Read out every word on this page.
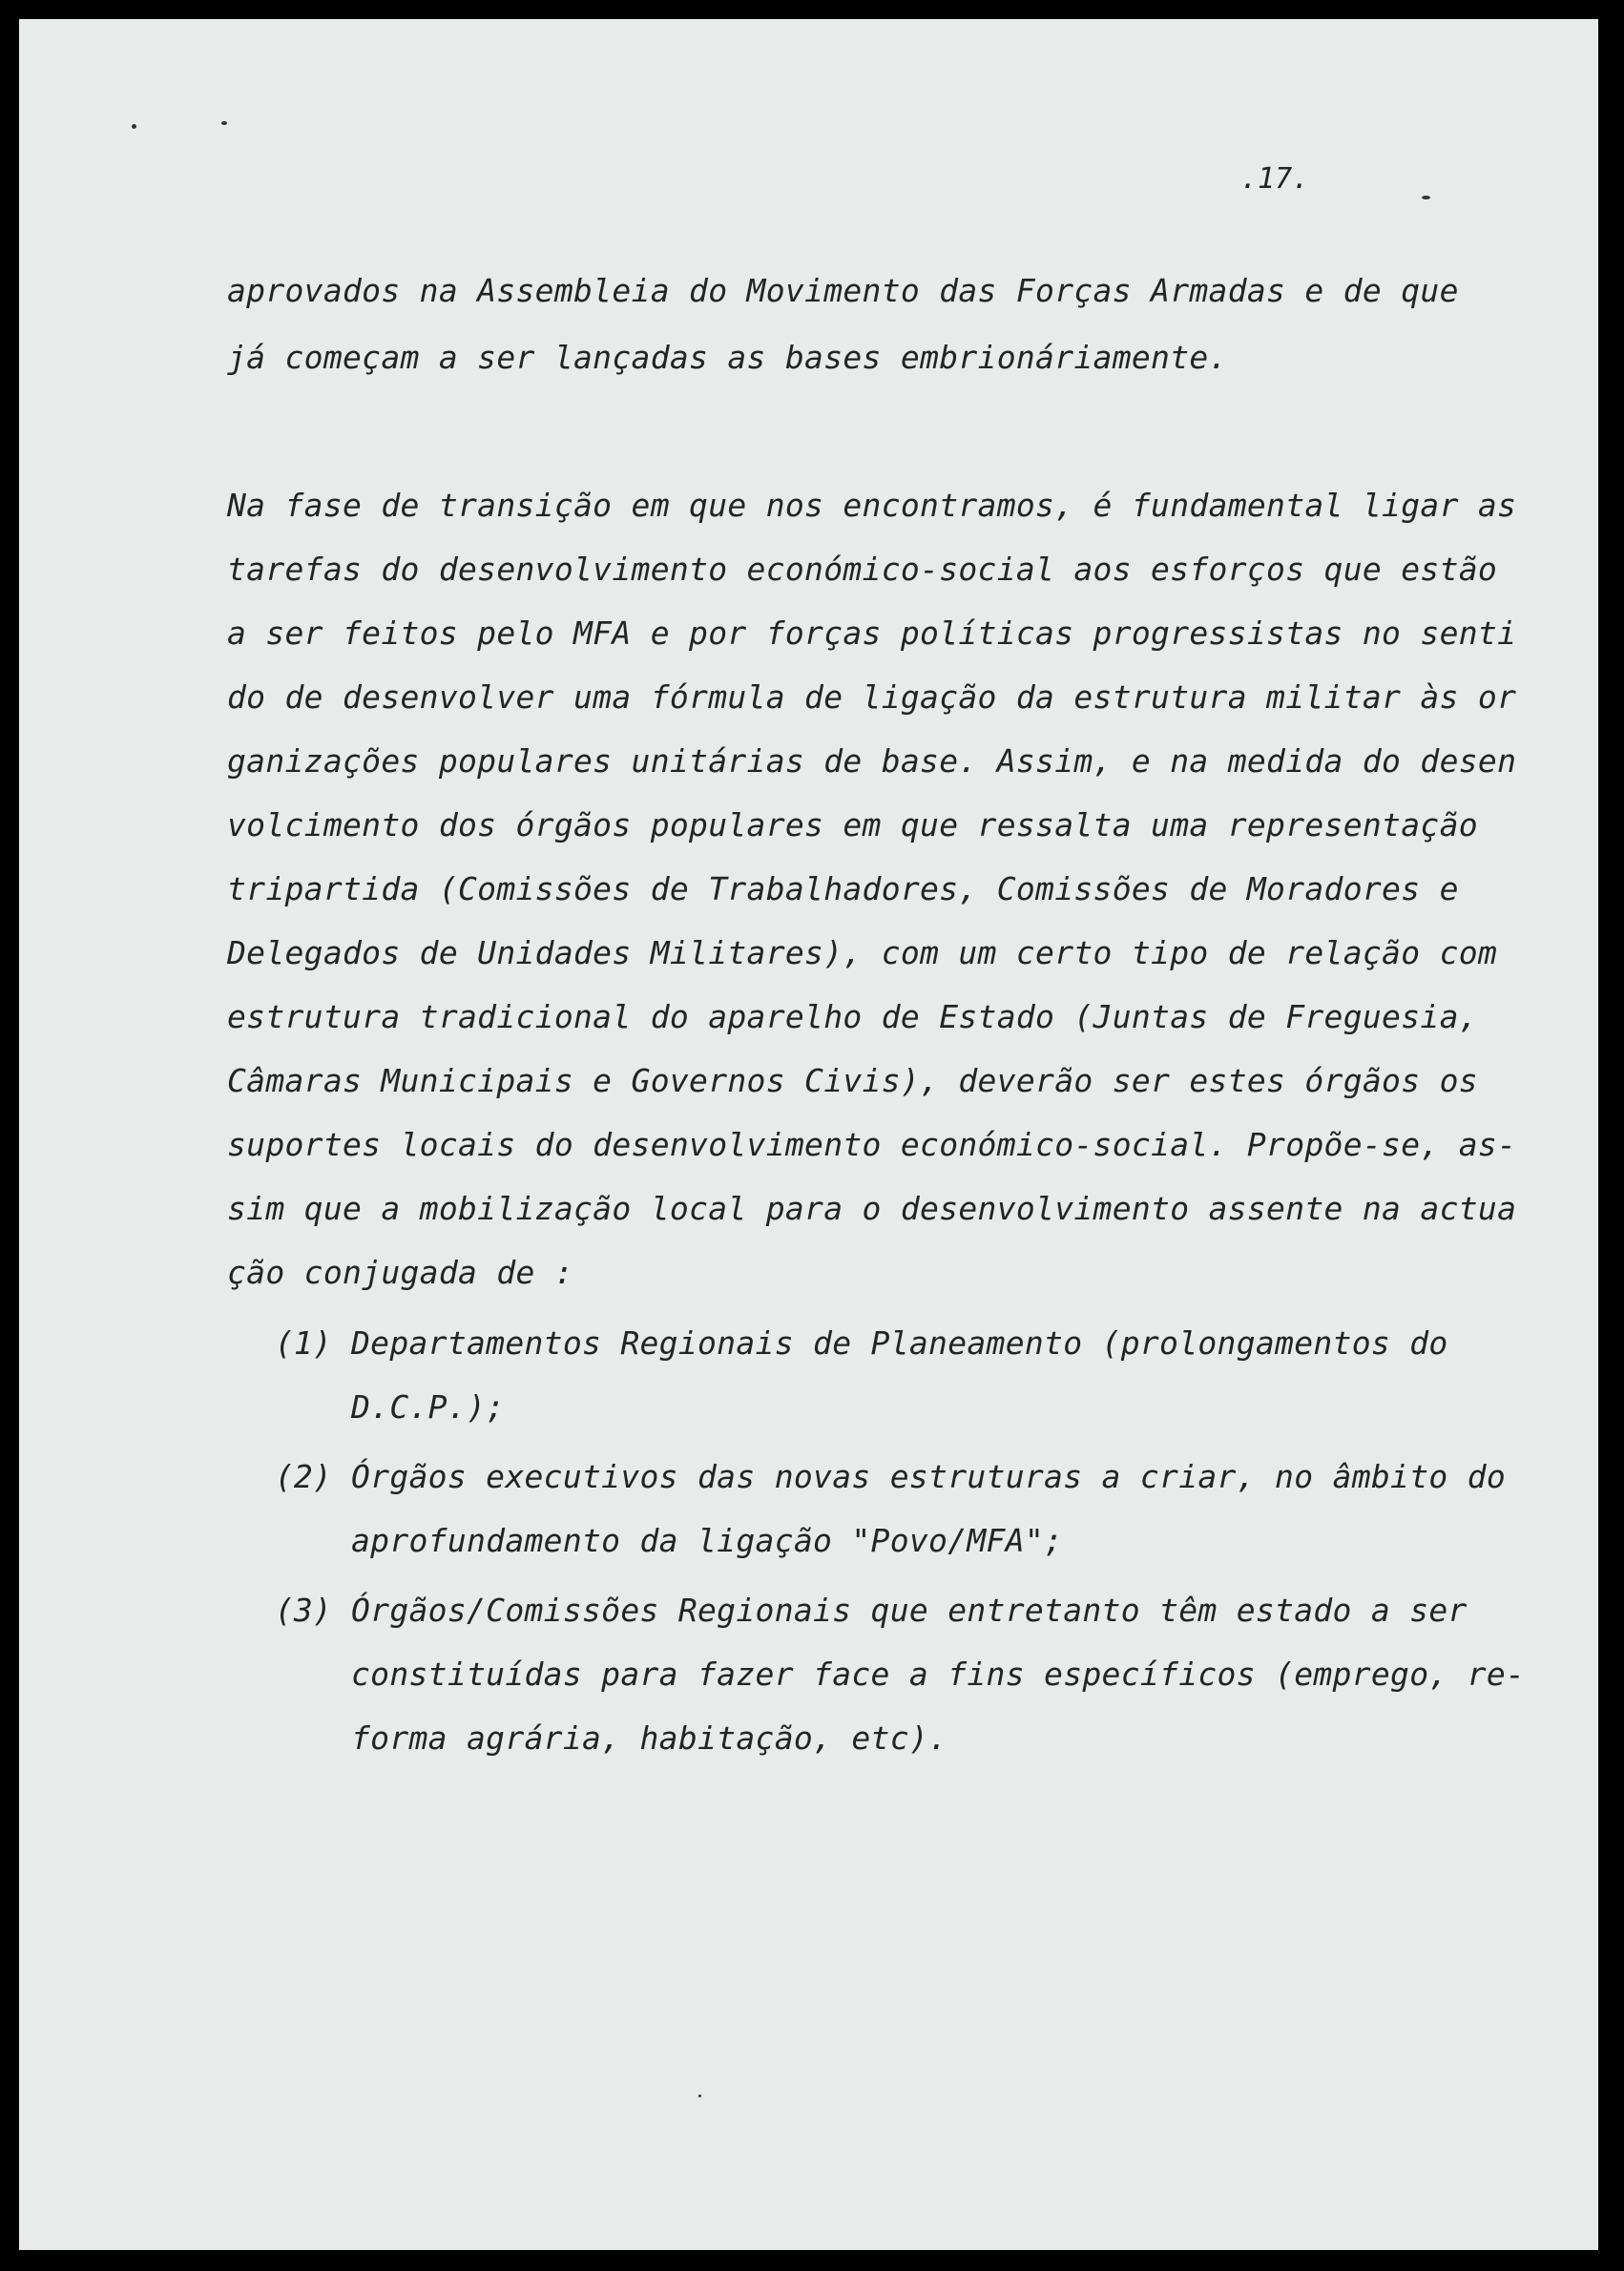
.17.
aprovados na Assembleia do Movimento das Forças Armadas e de que
já começam a ser lançadas as bases embrionáriamente.
Na fase de transição em que nos encontramos, é fundamental ligar as
tarefas do desenvolvimento económico-social aos esforços que estão
a ser feitos pelo MFA e por forças políticas progressistas no senti
do de desenvolver uma fórmula de ligação da estrutura militar às or
ganizações populares unitárias de base. Assim, e na medida do desen
volcimento dos órgãos populares em que ressalta uma representação
tripartida (Comissões de Trabalhadores, Comissões de Moradores e
Delegados de Unidades Militares), com um certo tipo de relação com
estrutura tradicional do aparelho de Estado (Juntas de Freguesia,
Câmaras Municipais e Governos Civis), deverão ser estes órgãos os
suportes locais do desenvolvimento económico-social. Propõe-se, as-
sim que a mobilização local para o desenvolvimento assente na actua
ção conjugada de :
(1) Departamentos Regionais de Planeamento (prolongamentos do
D.C.P.);
(2) Órgãos executivos das novas estruturas a criar, no âmbito do
aprofundamento da ligação "Povo/MFA";
(3) Órgãos/Comissões Regionais que entretanto têm estado a ser
constituídas para fazer face a fins específicos (emprego, re-
forma agrária, habitação, etc).
